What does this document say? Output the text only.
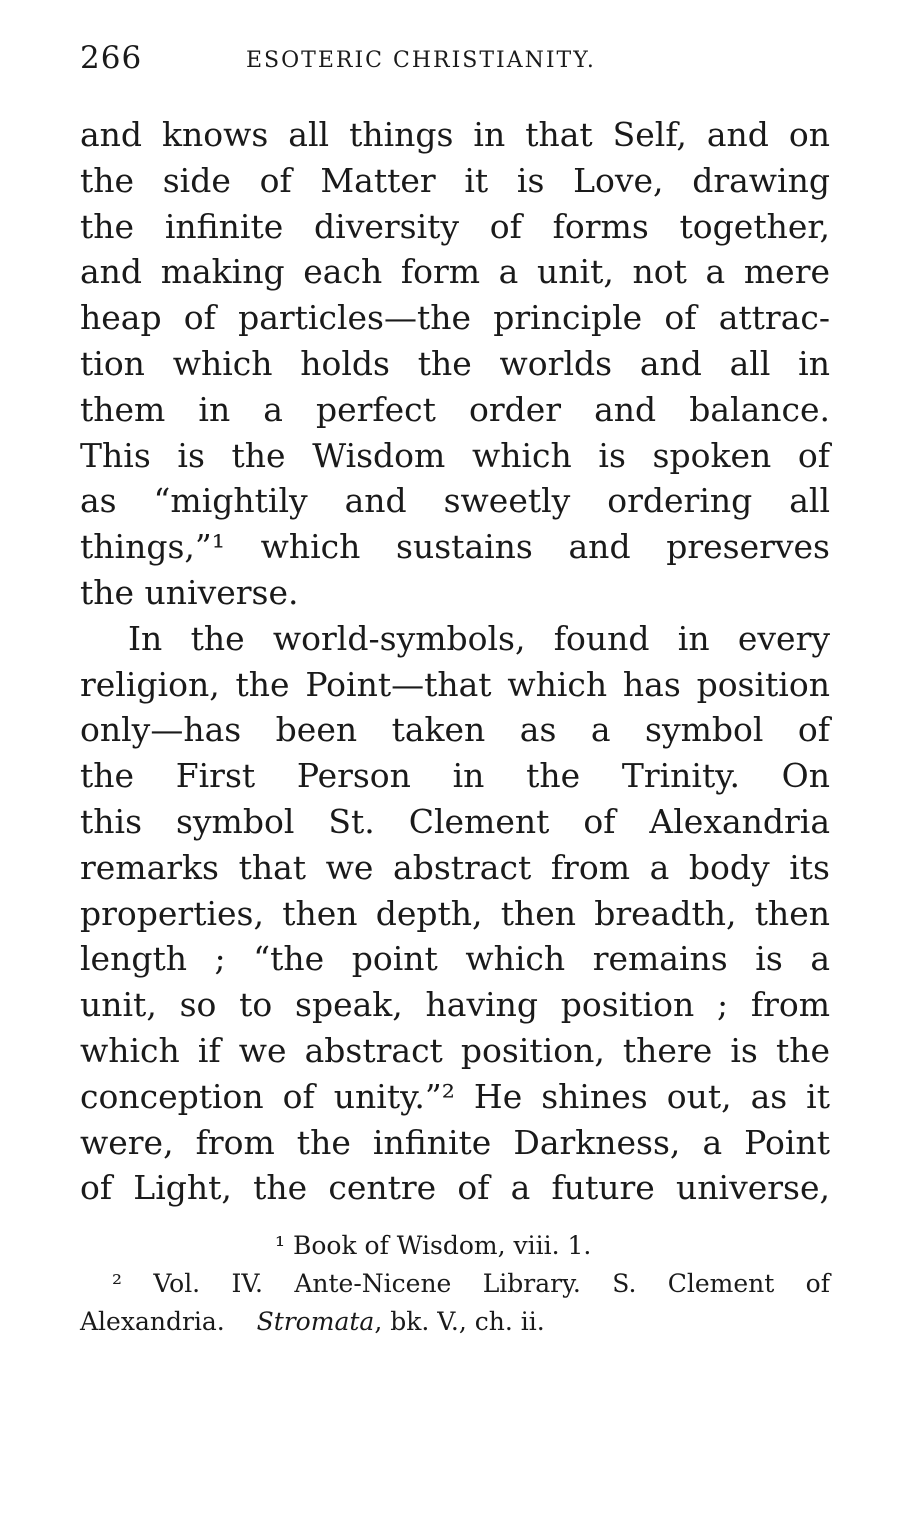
266	ESOTERIC CHRISTIANITY.
and knows all things in that Self, and on
the side of Matter it is Love, drawing
the infinite diversity of forms together,
and making each form a unit, not a mere
heap of particles—the principle of attrac-
tion which holds the worlds and all in
them in a perfect order and balance.
This is the Wisdom which is spoken of
as “mightily and sweetly ordering all
things,”¹ which sustains and preserves
the universe.
In the world-symbols, found in every
religion, the Point—that which has position
only—has been taken as a symbol of
the First Person in the Trinity. On
this symbol St. Clement of Alexandria
remarks that we abstract from a body its
properties, then depth, then breadth, then
length ; “the point which remains is a
unit, so to speak, having position ; from
which if we abstract position, there is the
conception of unity.”² He shines out, as it
were, from the infinite Darkness, a Point
of Light, the centre of a future universe,
¹ Book of Wisdom, viii. 1.
² Vol. IV. Ante-Nicene Library. S. Clement of
Alexandria. Stromata, bk. V., ch. ii.
